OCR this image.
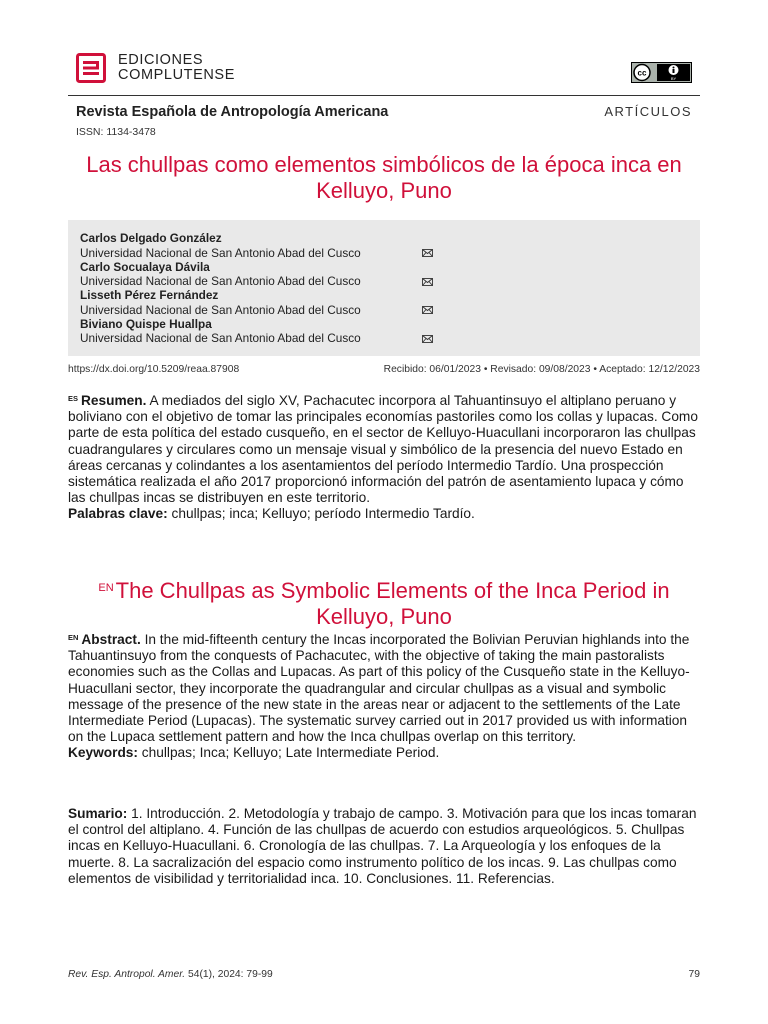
EDICIONES
COMPLUTENSE	cc
BY
Revista Española de Antropología Americana	ARTÍCULOS
ISSN: 1134-3478
Las chullpas como elementos simbólicos de la época inca en Kelluyo, Puno
Carlos Delgado González
Universidad Nacional de San Antonio Abad del Cusco
Carlo Socualaya Dávila
Universidad Nacional de San Antonio Abad del Cusco
Lisseth Pérez Fernández
Universidad Nacional de San Antonio Abad del Cusco
Biviano Quispe Huallpa
Universidad Nacional de San Antonio Abad del Cusco
https://dx.doi.org/10.5209/reaa.87908	Recibido: 06/01/2023 • Revisado: 09/08/2023 • Aceptado: 12/12/2023
$^{ES}$ Resumen. A mediados del siglo XV, Pachacutec incorpora al Tahuantinsuyo el altiplano peruano y boliviano con el objetivo de tomar las principales economías pastoriles como los collas y lupacas. Como parte de esta política del estado cusqueño, en el sector de Kelluyo-Huacullani incorporaron las chullpas cuadrangulares y circulares como un mensaje visual y simbólico de la presencia del nuevo Estado en áreas cercanas y colindantes a los asentamientos del período Intermedio Tardío. Una prospección sistemática realizada el año 2017 proporcionó información del patrón de asentamiento lupaca y cómo las chullpas incas se distribuyen en este territorio.
Palabras clave: chullpas; inca; Kelluyo; período Intermedio Tardío.
$^{EN}$The Chullpas as Symbolic Elements of the Inca Period in Kelluyo, Puno
$^{EN}$ Abstract. In the mid-fifteenth century the Incas incorporated the Bolivian Peruvian highlands into the Tahuantinsuyo from the conquests of Pachacutec, with the objective of taking the main pastoralists economies such as the Collas and Lupacas. As part of this policy of the Cusqueño state in the Kelluyo-Huacullani sector, they incorporate the quadrangular and circular chullpas as a visual and symbolic message of the presence of the new state in the areas near or adjacent to the settlements of the Late Intermediate Period (Lupacas). The systematic survey carried out in 2017 provided us with information on the Lupaca settlement pattern and how the Inca chullpas overlap on this territory.
Keywords: chullpas; Inca; Kelluyo; Late Intermediate Period.
Sumario: 1. Introducción. 2. Metodología y trabajo de campo. 3. Motivación para que los incas tomaran el control del altiplano. 4. Función de las chullpas de acuerdo con estudios arqueológicos. 5. Chullpas incas en Kelluyo-Huacullani. 6. Cronología de las chullpas. 7. La Arqueología y los enfoques de la muerte. 8. La sacralización del espacio como instrumento político de los incas. 9. Las chullpas como elementos de visibilidad y territorialidad inca. 10. Conclusiones. 11. Referencias.
Rev. Esp. Antropol. Amer. 54(1), 2024: 79-99	79
